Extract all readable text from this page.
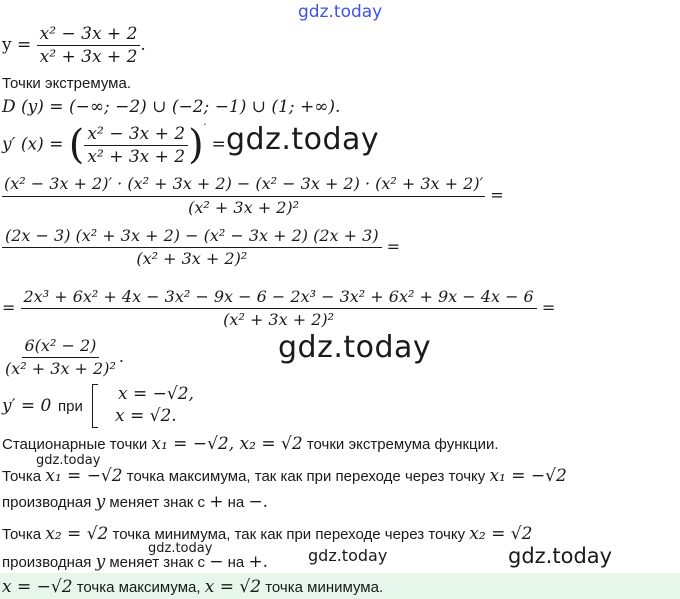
gdz.today
$y = \frac{\text{x² − 3x + 2}}{\text{x² + 3x + 2}}$ .
Точки экстремума.
D (y) = (−∞; −2) ∪ (−2; −1) ∪ (1; +∞).
y′ (x) = ( $\frac{\text{x² − 3x + 2}}{\text{x² + 3x + 2}} )'$ = gdz.today
(x² − 3x + 2)′ · (x² + 3x + 2) − (x² − 3x + 2) · (x² + 3x + 2)′
(x² + 3x + 2)²
=
$\frac{\text{(2x − 3) (x² + 3x + 2) − (x² − 3x + 2) (2x + 3)}}{\text{(x² + 3x + 2)²}}$ =
=
2x³ + 6x² + 4x − 3x² − 9x − 6 − 2x³ − 3x² + 6x² + 9x − 4x − 6
(x² + 3x + 2)²
=
$\frac{\text{6(x² − 2)}}{\text{(x² + 3x + 2)²}}$ .	gdz.today
y′ = 0 при
x = −√2,
x = √2.
Стационарные точки x₁ = −√2, x₂ = √2 точки экстремума функции.
gdz.today
Точка x₁ = −√2 точка максимума, так как при переходе через точку x₁ = −√2
производная y меняет знак с + на −.
Точка x₂ = √2 точка минимума, так как при переходе через точку x₂ = √2
gdz.today
производная y меняет знак с − на +. gdz.today	gdz.today
x = −√2 точка максимума, x = √2 точка минимума.
